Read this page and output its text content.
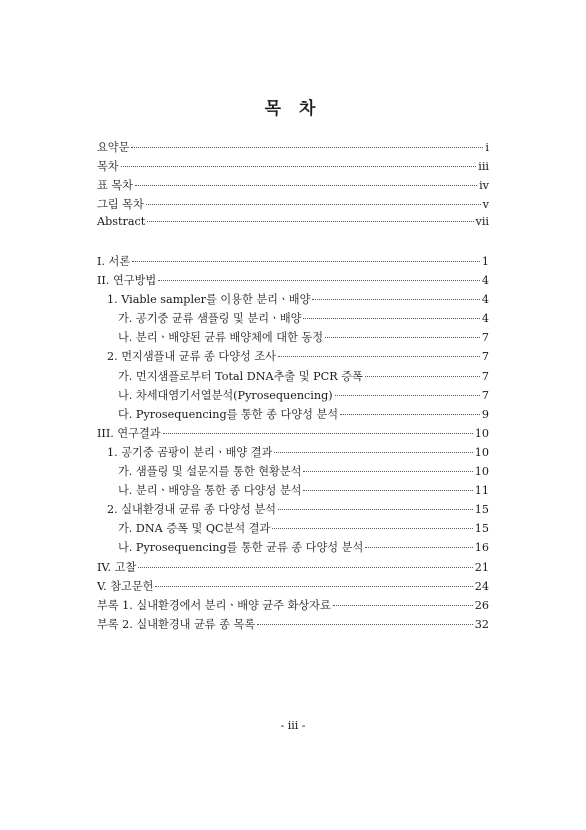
목 차
요약문	i
목차	iii
표 목차	iv
그림 목차	v
Abstract	vii
I. 서론	1
II. 연구방법	4
1. Viable sampler를 이용한 분리ㆍ배양	4
가. 공기중 균류 샘플링 및 분리ㆍ배양	4
나. 분리ㆍ배양된 균류 배양체에 대한 동정	7
2. 먼지샘플내 균류 종 다양성 조사	7
가. 먼지샘플로부터 Total DNA추출 및 PCR 증폭	7
나. 차세대염기서열분석(Pyrosequencing)	7
다. Pyrosequencing를 통한 종 다양성 분석	9
III. 연구결과	10
1. 공기중 곰팡이 분리ㆍ배양 결과	10
가. 샘플링 및 설문지를 통한 현황분석	10
나. 분리ㆍ배양을 통한 종 다양성 분석	11
2. 실내환경내 균류 종 다양성 분석	15
가. DNA 증폭 및 QC분석 결과	15
나. Pyrosequencing를 통한 균류 종 다양성 분석	16
IV. 고찰	21
V. 참고문헌	24
부록 1. 실내환경에서 분리ㆍ배양 균주 화상자료	26
부록 2. 실내환경내 균류 종 목록	32
- iii -
